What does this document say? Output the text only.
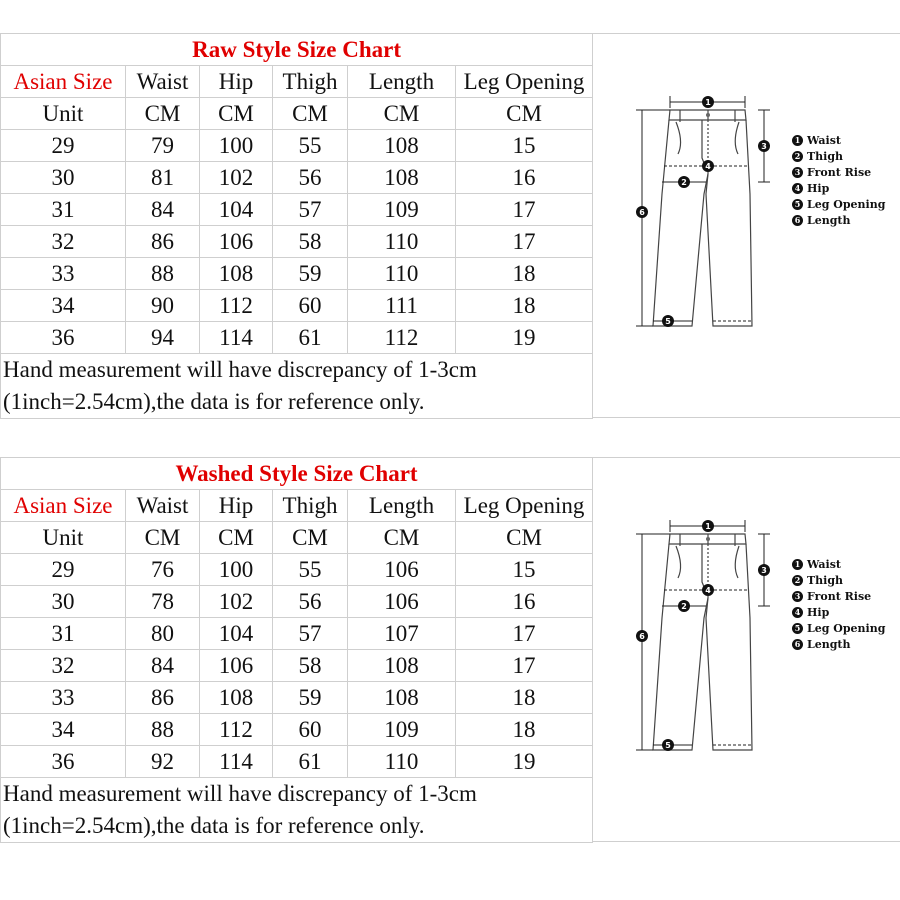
Raw Style Size Chart					
Asian Size	Waist	Hip	Thigh	Length	Leg Opening
Unit	CM	CM	CM	CM	CM
29	79	100	55	108	15
30	81	102	56	108	16
31	84	104	57	109	17
32	86	106	58	110	17
33	88	108	59	110	18
34	90	112	60	111	18
36	94	114	61	112	19
Hand measurement will have discrepancy of 1-3cm
(1inch=2.54cm),the data is for reference only.					
1
2
3
4
5
6
1 Waist
2 Thigh
3 Front Rise
4 Hip
5 Leg Opening
6 Length
Washed Style Size Chart					
Asian Size	Waist	Hip	Thigh	Length	Leg Opening
Unit	CM	CM	CM	CM	CM
29	76	100	55	106	15
30	78	102	56	106	16
31	80	104	57	107	17
32	84	106	58	108	17
33	86	108	59	108	18
34	88	112	60	109	18
36	92	114	61	110	19
Hand measurement will have discrepancy of 1-3cm
(1inch=2.54cm),the data is for reference only.					
1
2
3
4
5
6
1 Waist
2 Thigh
3 Front Rise
4 Hip
5 Leg Opening
6 Length
